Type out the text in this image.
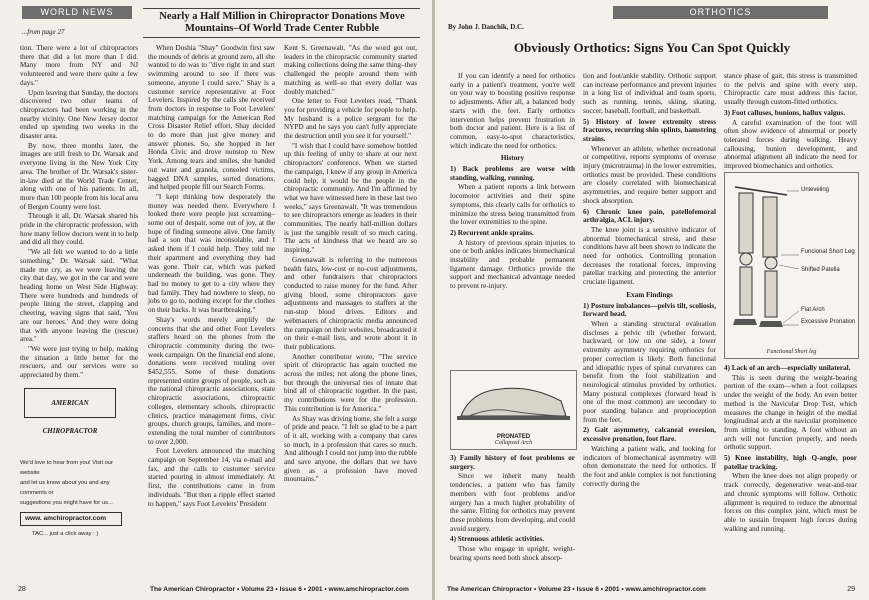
WORLD NEWS
...from page 27

tion. There were a lot of chiropractors there that did a lot more than I did. Many more from NY and NJ volunteered and were there quite a few days."

Upon leaving that Sunday, the doctors discovered two other teams of chiropractors had been working in the nearby vicinity. One New Jersey doctor ended up spending two weeks in the disaster area.

By now, three months later, the images are still fresh to Dr. Warsak and everyone living in the New York City area. The brother of Dr. Warsak's sister-in-law died at the World Trade Center, along with one of his patients. In all, more than 100 people from his local area of Bergen County were lost.

Through it all, Dr. Warsak shared his pride in the chiropractic profession, with how many fellow doctors went in to help and did all they could.

"We all felt we wanted to do a little something," Dr. Warsak said. "What made me cry, as we were leaving the city that day, we got in the car and were heading home on West Side Highway. There were hundreds and hundreds of people lining the street, clapping and cheering, waving signs that said, 'You are our heroes.' And they were doing that with anyone leaving the (rescue) area."

"We were just trying to help, making the situation a little better for the rescuers, and our services were so appreciated by them."

AMERICAN CHIROPRACTOR
We'd love to hear from you! Visit our website
and let us know about you and any comments or
suggestions you might have for us...
www. amchiropractor.com
TAC... just a click away : )
Nearly a Half Million in Chiropractor Donations Move Mountains–Of World Trade Center Rubble

When Doshia "Shay" Goodwin first saw the mounds of debris at ground zero, all she wanted to do was to "dive right in and start swimming around to see if there was someone, anyone I could save." Shay is a customer service representative at Foot Levelers. Inspired by the calls she received from doctors in response to Foot Levelers' matching campaign for the American Red Cross Disaster Relief effort, Shay decided to do more than just give money and answer phones. So, she hopped in her Honda Civic and drove nonstop to New York. Among tears and smiles, she handed out water and granola, consoled victims, bagged DNA samples, sorted donations, and helped people fill out Search Forms.

"I kept thinking how desperately the money was needed there. Everywhere I looked there were people just screaming–some out of despair, some out of joy, at the hope of finding someone alive. One family had a son that was inconsolable, and I asked them if I could help. They told me their apartment and everything they had was gone. Their car, which was parked underneath the building, was gone. They had no money to get to a city where they had family. They had nowhere to sleep, no jobs to go to, nothing except for the clothes on their backs. It was heartbreaking."

Shay's words merely amplify the concerns that she and other Foot Levelers staffers heard on the phones from the chiropractic community during the two-week campaign. On the financial end alone, donations were received totaling over $452,555. Some of these donations represented entire groups of people, such as the national chiropractic associations, state chiropractic associations, chiropractic colleges, elementary schools, chiropractic clinics, practice management firms, civic groups, church groups, families, and more–extending the total number of contributors to over 2,000.

Foot Levelers announced the matching campaign on September 14, via e-mail and fax, and the calls to customer service started pouring in almost immediately. At first, the contributions came in from individuals. "But then a ripple effect started to happen," says Foot Levelers' President

Kent S. Greenawalt. "As the word got out, leaders in the chiropractic community started making collections doing the same thing–they challenged the people around them with matching as well–so that every dollar was doubly matched."

One letter to Foot Levelers read, "Thank you for providing a vehicle for people to help. My husband is a police sergeant for the NYPD and he says you can't fully appreciate the destruction until you see it for yourself."

"I wish that I could have somehow bottled up this feeling of unity to share at our next chiropractors' conference. When we started the campaign, I knew if any group in America could help, it would be the people in the chiropractic community. And I'm affirmed by what we have witnessed here in these last two weeks," says Greenawalt. "It was tremendous to see chiropractors emerge as leaders in their communities. The nearly half-million dollars is just the tangible result of so much caring. The acts of kindness that we heard are so inspiring."

Greenawalt is referring to the numerous health fairs, low-cost or no-cost adjustments, and other fundraisers that chiropractors conducted to raise money for the fund. After giving blood, some chiropractors gave adjustments and massages to staffers at the run-stop blood drives. Editors and webmasters of chiropractic media announced the campaign on their websites, broadcasted it on their e-mail lists, and wrote about it in their publications.

Another contributor wrote, "The service spirit of chiropractic has again touched me across the miles; not along the phone lines, but through the universal ties of innate that bind all of chiropractic together. In the past, my contributions were for the profession. This contribution is for America."

As Shay was driving home, she felt a surge of pride and peace. "I felt so glad to be a part of it all, working with a company that cares so much, in a profession that cares so much. And although I could not jump into the rubble and save anyone, the dollars that we have given as a profession have moved mountains."

28	The American Chiropractor • Volume 23 • Issue 6 • 2001 • www.amchiropractor.com
ORTHOTICS
By John J. Danchik, D.C.
Obviously Orthotics: Signs You Can Spot Quickly

If you can identify a need for orthotics early in a patient's treatment, you're well on your way to boosting positive response to adjustments. After all, a balanced body starts with the feet. Early orthotics intervention helps prevent frustration in both doctor and patient. Here is a list of common, easy-to-spot characteristics, which indicate the need for orthotics.

History

1) Back problems are worse with standing, walking, running.

When a patient reports a link between locomotor activities and their spine symptoms, this clearly calls for orthotics to minimize the stress being transmitted from the lower extremities to the spine.

2) Recurrent ankle sprains.

A history of previous sprain injuries to one or both ankles indicates biomechanical instability and probable permanent ligament damage. Orthotics provide the support and mechanical advantage needed to prevent re-injury.

PRONATED
Collapsed Arch

3) Family history of foot problems or surgery.

Since we inherit many health tendencies, a patient who has family members with foot problems and/or surgery has a much higher probability of the same. Fitting for orthotics may prevent these problems from developing, and could avoid surgery.

4) Strenuous athletic activities.

Those who engage in upright, weight-bearing sports need both shock absorp-

tion and foot/ankle stability. Orthotic support can increase performance and prevent injuries in a long list of individual and team sports, such as running, tennis, skiing, skating, soccer, baseball, football, and basketball.

5) History of lower extremity stress fractures, recurring shin splints, hamstring strains.

Whenever an athlete, whether recreational or competitive, reports symptoms of overuse injury (microtrauma) in the lower extremities, orthotics must be provided. These conditions are closely correlated with biomechanical asymmetries, and require better support and shock absorption.

6) Chronic knee pain, patellofemoral arthralgia, ACL injury.

The knee joint is a sensitive indicator of abnormal biomechanical stress, and these conditions have all been shown to indicate the need for orthotics. Controlling pronation decreases the rotational forces, improving patellar tracking and protecting the anterior cruciate ligament.

Exam Findings

1) Posture imbalances—pelvis tilt, scoliosis, forward head.

When a standing structural evaluation discloses a pelvic tilt (whether forward, backward, or low on one side), a lower extremity asymmetry requiring orthotics for proper correction is likely. Both functional and idiopathic types of spinal curvatures can benefit from the foot stabilization and neurological stimulus provided by orthotics. Many postural complexes (forward head is one of the most common) are secondary to poor standing balance and proprioception from the feet.

2) Gait asymmetry, calcaneal eversion, excessive pronation, foot flare.

Watching a patient walk, and looking for indicators of biomechanical asymmetry will often demonstrate the need for orthotics. If the foot and ankle complex is not functioning correctly during the

stance phase of gait, this stress is transmitted to the pelvis and spine with every step. Chiropractic care must address this factor, usually through custom-fitted orthotics.

3) Foot calluses, bunions, hallux valgus.

A careful examination of the foot will often show evidence of abnormal or poorly tolerated forces during walking. Heavy callousing, bunion development, and abnormal alignment all indicate the need for improved biomechanics and orthotics.

Unleveling
Funcional Short Leg
Shifted Patella
Flat Arch
Excessive Pronation
Functional Short leg

4) Lack of an arch—especially unilateral.

This is seen during the weight-bearing portion of the exam—when a foot collapses under the weight of the body. An even better method is the Navicular Drop Test, which measures the change in height of the medial longitudinal arch at the navicular prominence from sitting to standing. A foot without an arch will not function properly, and needs orthotic support.

5) Knee instability, high Q-angle, poor patellar tracking.

When the knee does not align properly or track correctly, degenerative wear-and-tear and chronic symptoms will follow. Orthotic alignment is required to reduce the abnormal forces on this complex joint, which must be able to sustain frequent high forces during walking and running.

The American Chiropractor • Volume 23 • Issue 6 • 2001 • www.amchiropractor.com	29
